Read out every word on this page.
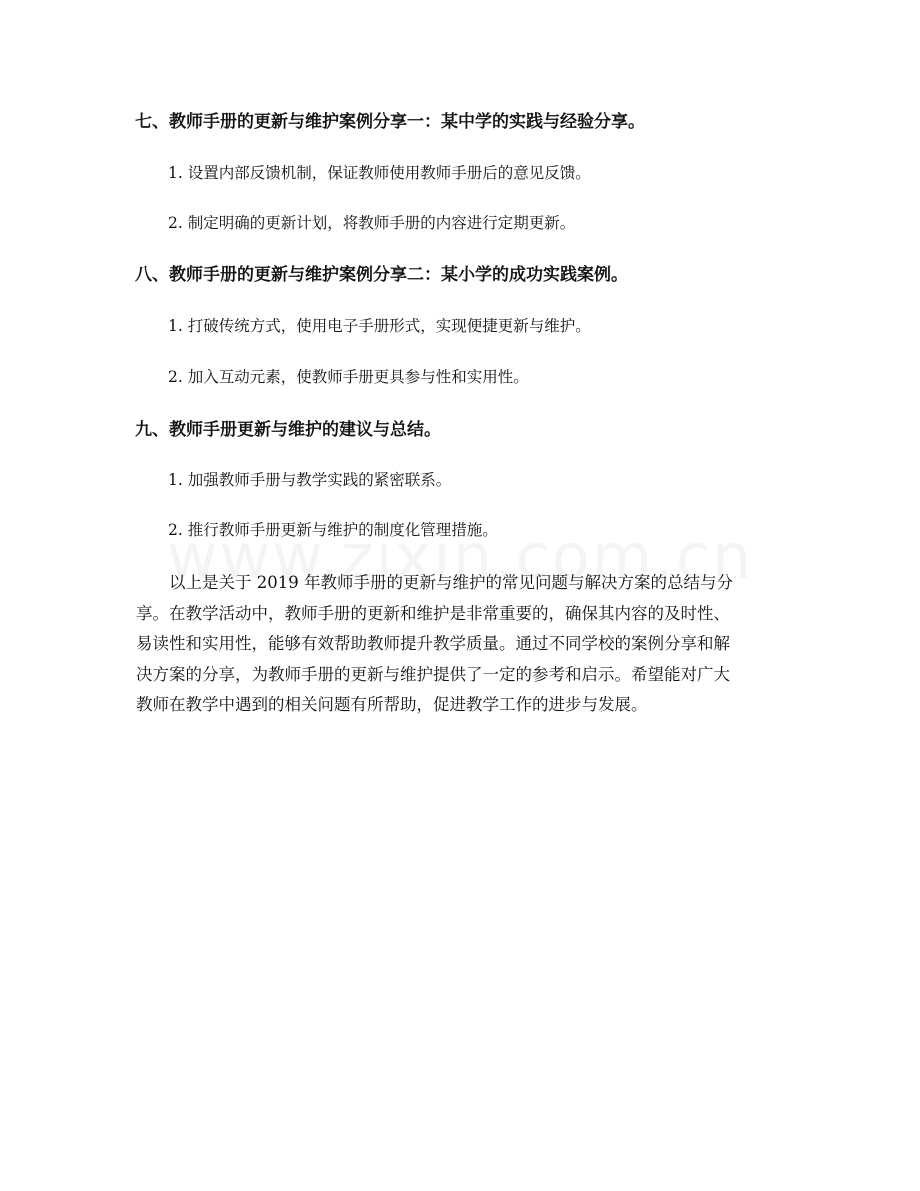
七、教师手册的更新与维护案例分享一：某中学的实践与经验分享。

1. 设置内部反馈机制，保证教师使用教师手册后的意见反馈。

2. 制定明确的更新计划，将教师手册的内容进行定期更新。

八、教师手册的更新与维护案例分享二：某小学的成功实践案例。

1. 打破传统方式，使用电子手册形式，实现便捷更新与维护。

2. 加入互动元素，使教师手册更具参与性和实用性。

九、教师手册更新与维护的建议与总结。

1. 加强教师手册与教学实践的紧密联系。

2. 推行教师手册更新与维护的制度化管理措施。

以上是关于 2019 年教师手册的更新与维护的常见问题与解决方案的总结与分
享。在教学活动中，教师手册的更新和维护是非常重要的，确保其内容的及时性、
易读性和实用性，能够有效帮助教师提升教学质量。通过不同学校的案例分享和解
决方案的分享，为教师手册的更新与维护提供了一定的参考和启示。希望能对广大
教师在教学中遇到的相关问题有所帮助，促进教学工作的进步与发展。
